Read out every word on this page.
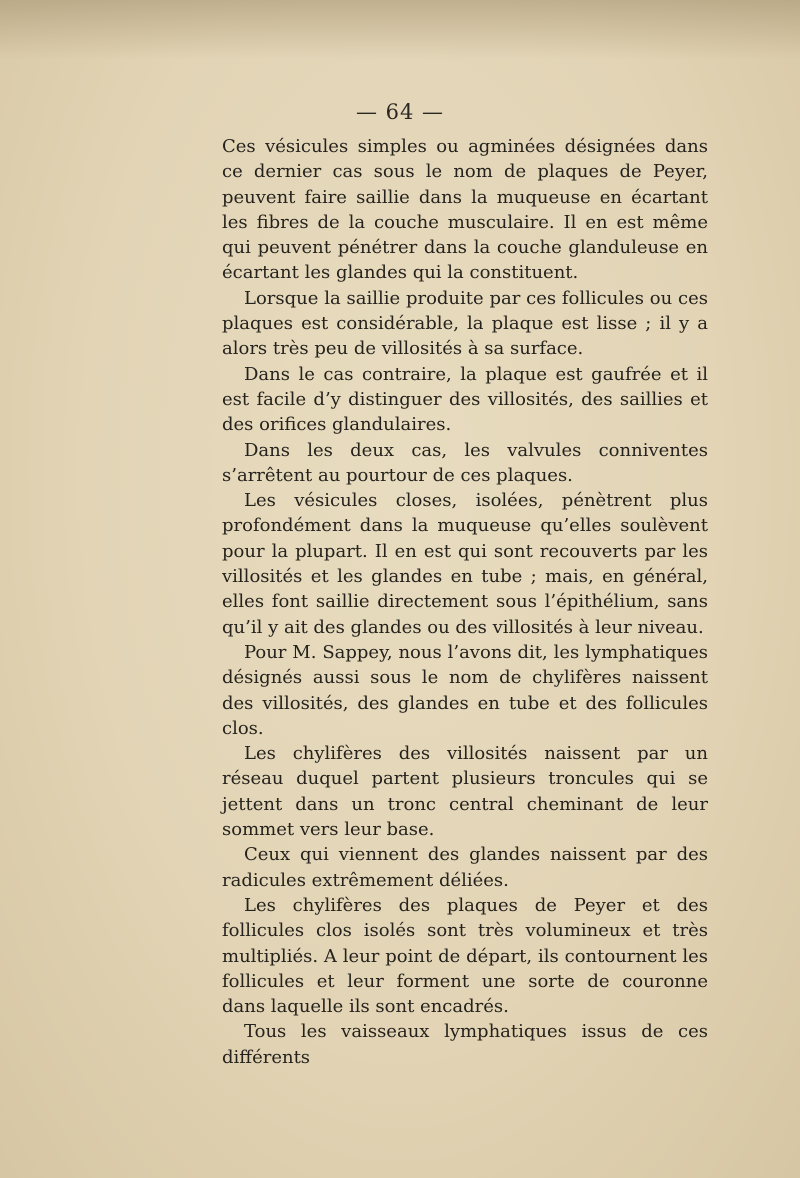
— 64 —

Ces vésicules simples ou agminées désignées dans ce dernier cas sous le nom de plaques de Peyer, peuvent faire saillie dans la muqueuse en écartant les fibres de la couche musculaire. Il en est même qui peuvent pénétrer dans la couche glanduleuse en écartant les glandes qui la constituent.

Lorsque la saillie produite par ces follicules ou ces plaques est considérable, la plaque est lisse ; il y a alors très peu de villosités à sa surface.

Dans le cas contraire, la plaque est gaufrée et il est facile d’y distinguer des villosités, des saillies et des orifices glandulaires.

Dans les deux cas, les valvules conniventes s’arrêtent au pourtour de ces plaques.

Les vésicules closes, isolées, pénètrent plus profondément dans la muqueuse qu’elles soulèvent pour la plupart. Il en est qui sont recouverts par les villosités et les glandes en tube ; mais, en général, elles font saillie directement sous l’épithélium, sans qu’il y ait des glandes ou des villosités à leur niveau.

Pour M. Sappey, nous l’avons dit, les lymphatiques désignés aussi sous le nom de chylifères naissent des villosités, des glandes en tube et des follicules clos.

Les chylifères des villosités naissent par un réseau duquel partent plusieurs troncules qui se jettent dans un tronc central cheminant de leur sommet vers leur base.

Ceux qui viennent des glandes naissent par des radicules extrêmement déliées.

Les chylifères des plaques de Peyer et des follicules clos isolés sont très volumineux et très multipliés. A leur point de départ, ils contournent les follicules et leur forment une sorte de couronne dans laquelle ils sont encadrés.

Tous les vaisseaux lymphatiques issus de ces différents
